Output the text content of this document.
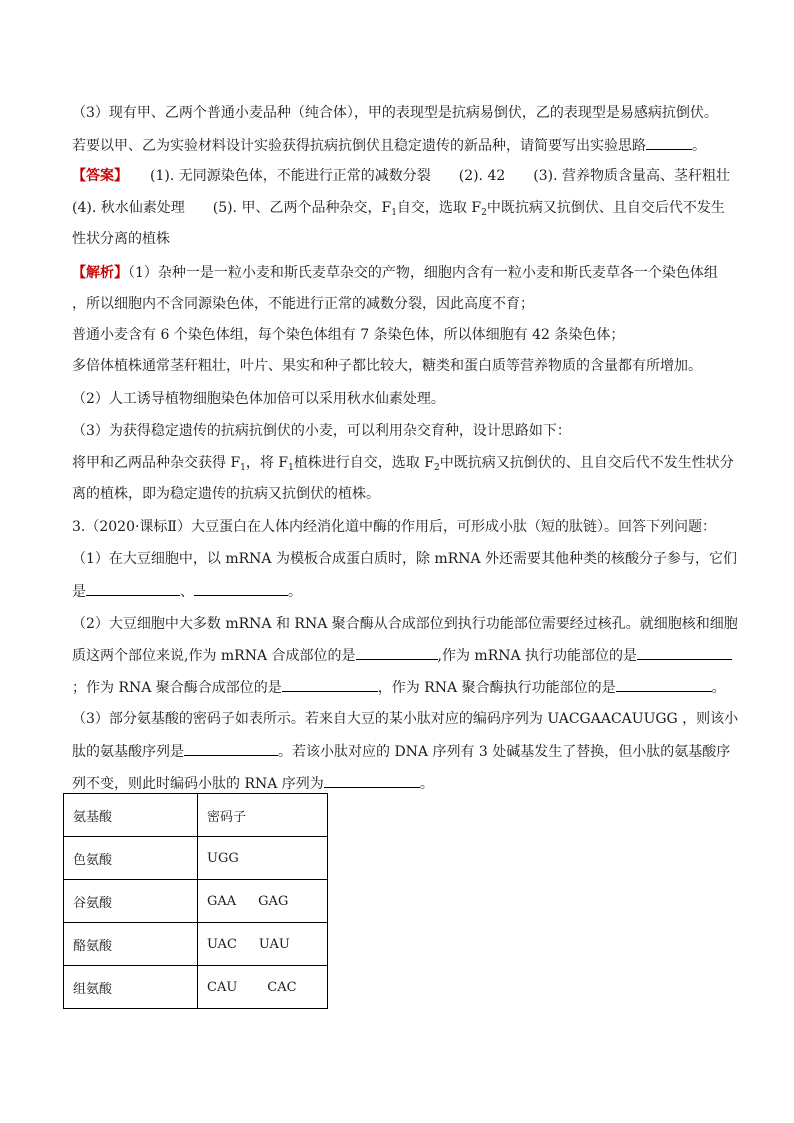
（3）现有甲、乙两个普通小麦品种（纯合体），甲的表现型是抗病易倒伏，乙的表现型是易感病抗倒伏。
若要以甲、乙为实验材料设计实验获得抗病抗倒伏且稳定遗传的新品种，请简要写出实验思路	。
【答案】 (1). 无同源染色体，不能进行正常的减数分裂　　(2). 42　　(3). 营养物质含量高、茎秆粗壮
(4). 秋水仙素处理　　(5). 甲、乙两个品种杂交，$F_1$自交，选取 $F_2$中既抗病又抗倒伏、且自交后代不发生
性状分离的植株
【解析】（1）杂种一是一粒小麦和斯氏麦草杂交的产物，细胞内含有一粒小麦和斯氏麦草各一个染色体组
，所以细胞内不含同源染色体，不能进行正常的减数分裂，因此高度不育；
普通小麦含有 6 个染色体组，每个染色体组有 7 条染色体，所以体细胞有 42 条染色体；
多倍体植株通常茎秆粗壮，叶片、果实和种子都比较大，糖类和蛋白质等营养物质的含量都有所增加。
（2）人工诱导植物细胞染色体加倍可以采用秋水仙素处理。
（3）为获得稳定遗传的抗病抗倒伏的小麦，可以利用杂交育种，设计思路如下：
将甲和乙两品种杂交获得 $F_1$，将 $F_1$植株进行自交，选取 $F_2$中既抗病又抗倒伏的、且自交后代不发生性状分
离的植株，即为稳定遗传的抗病又抗倒伏的植株。
3.（2020·课标Ⅱ）大豆蛋白在人体内经消化道中酶的作用后，可形成小肽（短的肽链）。回答下列问题：
（1）在大豆细胞中，以 mRNA 为模板合成蛋白质时，除 mRNA 外还需要其他种类的核酸分子参与，它们
是	、	。
（2）大豆细胞中大多数 mRNA 和 RNA 聚合酶从合成部位到执行功能部位需要经过核孔。就细胞核和细胞
质这两个部位来说,作为 mRNA 合成部位的是	,作为 mRNA 执行功能部位的是
；作为 RNA 聚合酶合成部位的是	，作为 RNA 聚合酶执行功能部位的是	。
（3）部分氨基酸的密码子如表所示。若来自大豆的某小肽对应的编码序列为 UACGAACAUUGG ，则该小
肽的氨基酸序列是	。若该小肽对应的 DNA 序列有 3 处碱基发生了替换，但小肽的氨基酸序
列不变，则此时编码小肽的 RNA 序列为	。
氨基酸	密码子
色氨酸	UGG
谷氨酸	GAA GAG
酪氨酸	UAC UAU
组氨酸	CAU CAC
